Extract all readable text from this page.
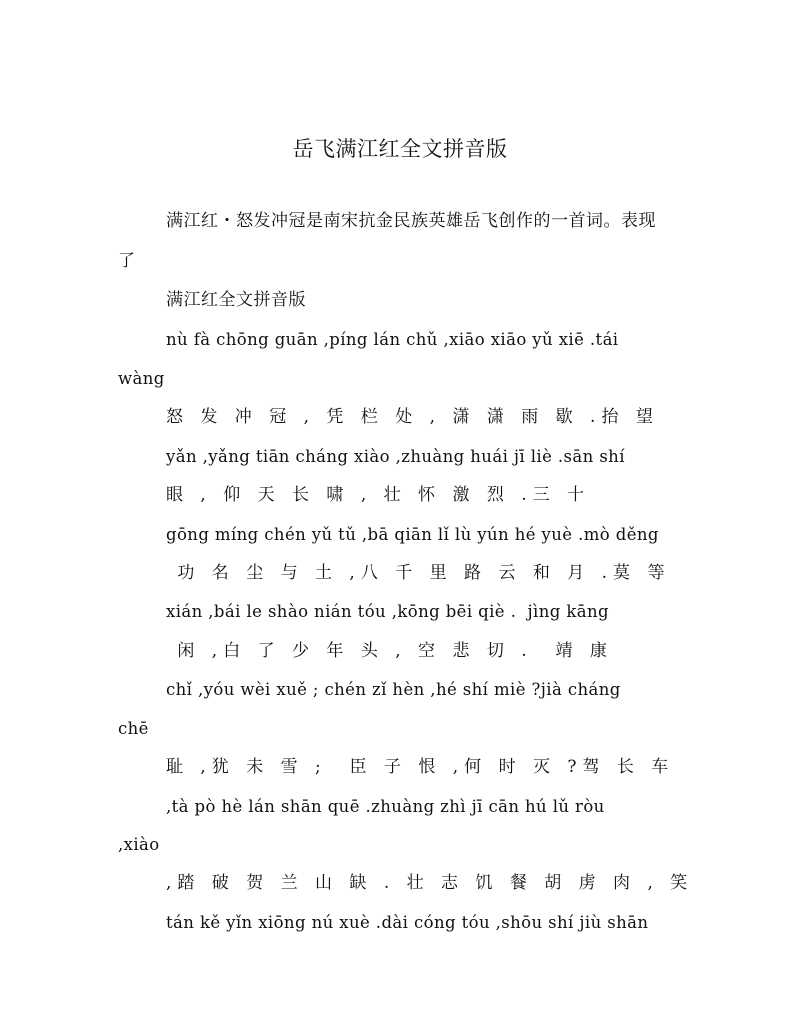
岳飞满江红全文拼音版
满江红・怒发冲冠是南宋抗金民族英雄岳飞创作的一首词。表现
了
满江红全文拼音版
nù fà chōng guān ,píng lán chǔ ,xiāo xiāo yǔ xiē .tái
wàng
怒 发 冲 冠 , 凭 栏 处 , 潇 潇 雨 歇 .抬 望
yǎn ,yǎng tiān cháng xiào ,zhuàng huái jī liè .sān shí
眼 , 仰 天 长 啸 , 壮 怀 激 烈 .三 十
gōng míng chén yǔ tǔ ,bā qiān lǐ lù yún hé yuè .mò děng
功 名 尘 与 土 ,八 千 里 路 云 和 月 .莫 等
xián ,bái le shào nián tóu ,kōng bēi qiè .  jìng kāng
闲 ,白 了 少 年 头 , 空 悲 切 .  靖 康
chǐ ,yóu wèi xuě ; chén zǐ hèn ,hé shí miè ?jià cháng
chē
耻 ,犹 未 雪 ;  臣 子 恨 ,何 时 灭 ?驾 长 车
,tà pò hè lán shān quē .zhuàng zhì jī cān hú lǔ ròu
,xiào
,踏 破 贺 兰 山 缺 . 壮 志 饥 餐 胡 虏 肉 , 笑
tán kě yǐn xiōng nú xuè .dài cóng tóu ,shōu shí jiù shān
